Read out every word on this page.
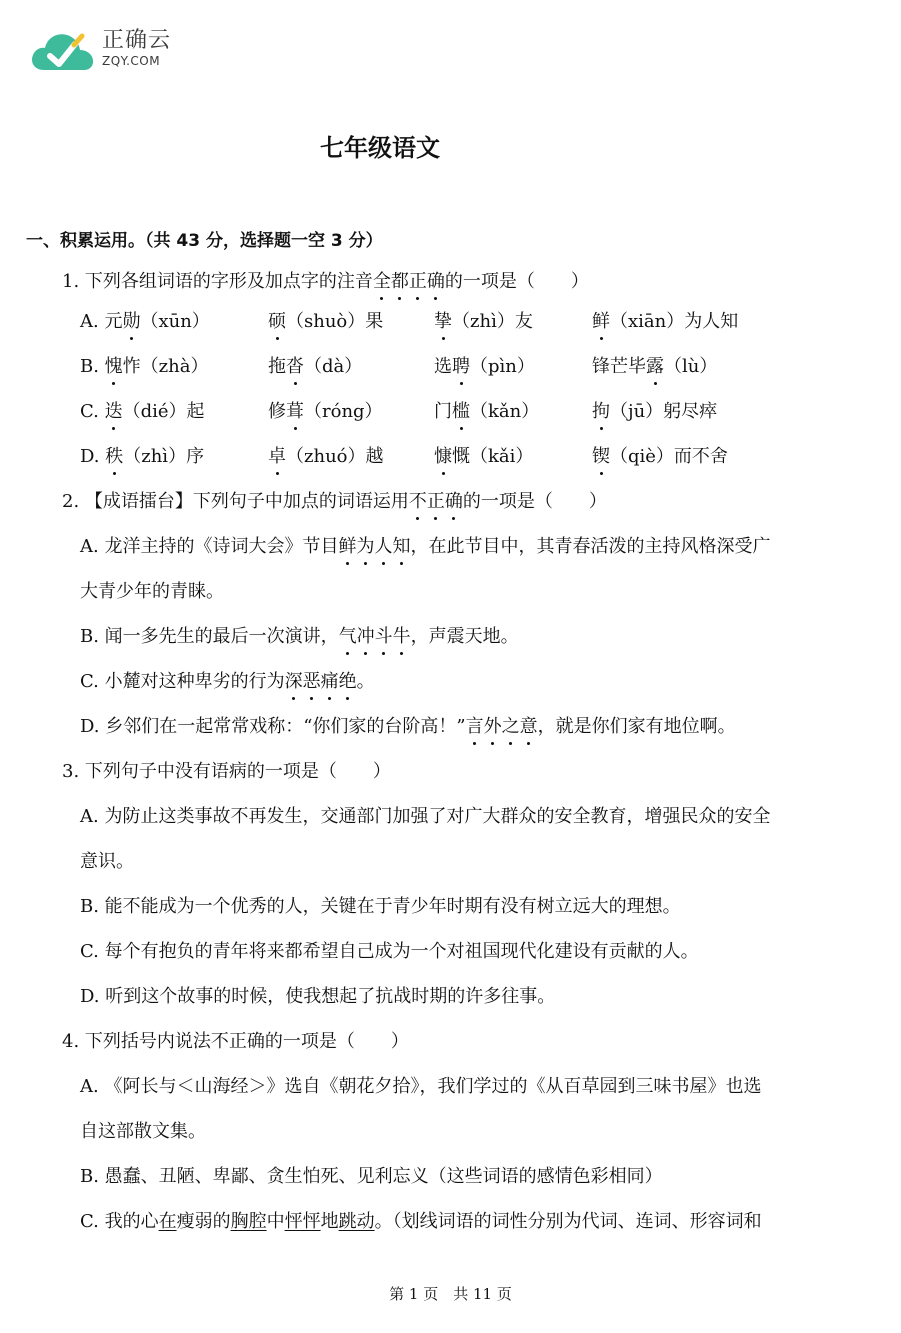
正确云
ZQY.COM
七年级语文
一、积累运用。（共 43 分，选择题一空 3 分）
1. 下列各组词语的字形及加点字的注音全都正确的一项是（　　）
A. 元勋（xūn）	硕（shuò）果	挚（zhì）友	鲜（xiān）为人知
B. 愧怍（zhà）	拖沓（dà）	选聘（pìn）	锋芒毕露（lù）
C. 迭（dié）起	修葺（róng）	门槛（kǎn）	拘（jū）躬尽瘁
D. 秩（zhì）序	卓（zhuó）越	慷慨（kǎi）	锲（qiè）而不舍
2. 【成语擂台】下列句子中加点的词语运用不正确的一项是（　　）
A. 龙洋主持的《诗词大会》节目鲜为人知，在此节目中，其青春活泼的主持风格深受广
大青少年的青睐。
B. 闻一多先生的最后一次演讲，气冲斗牛，声震天地。
C. 小麓对这种卑劣的行为深恶痛绝。
D. 乡邻们在一起常常戏称：“你们家的台阶高！”言外之意，就是你们家有地位啊。
3. 下列句子中没有语病的一项是（　　）
A. 为防止这类事故不再发生，交通部门加强了对广大群众的安全教育，增强民众的安全
意识。
B. 能不能成为一个优秀的人，关键在于青少年时期有没有树立远大的理想。
C. 每个有抱负的青年将来都希望自己成为一个对祖国现代化建设有贡献的人。
D. 听到这个故事的时候，使我想起了抗战时期的许多往事。
4. 下列括号内说法不正确的一项是（　　）
A. 《阿长与＜山海经＞》选自《朝花夕拾》，我们学过的《从百草园到三味书屋》也选
自这部散文集。
B. 愚蠢、丑陋、卑鄙、贪生怕死、见利忘义（这些词语的感情色彩相同）
C. 我的心在瘦弱的胸腔中怦怦地跳动。（划线词语的词性分别为代词、连词、形容词和
第 1 页　共 11 页
